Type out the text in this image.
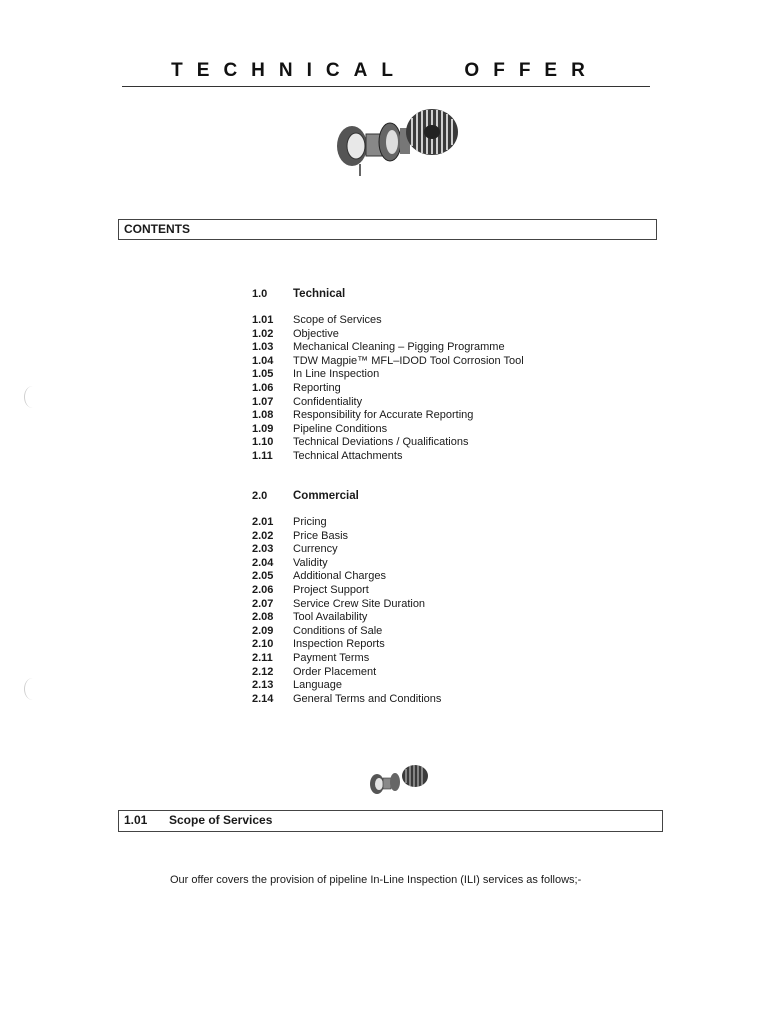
TECHNICAL   OFFER
CONTENTS
1.0 Technical
1.01 Scope of Services
1.02 Objective
1.03 Mechanical Cleaning – Pigging Programme
1.04 TDW Magpie™ MFL–IDOD Tool Corrosion Tool
1.05 In Line Inspection
1.06 Reporting
1.07 Confidentiality
1.08 Responsibility for Accurate Reporting
1.09 Pipeline Conditions
1.10 Technical Deviations / Qualifications
1.11 Technical Attachments
2.0 Commercial
2.01 Pricing
2.02 Price Basis
2.03 Currency
2.04 Validity
2.05 Additional Charges
2.06 Project Support
2.07 Service Crew Site Duration
2.08 Tool Availability
2.09 Conditions of Sale
2.10 Inspection Reports
2.11 Payment Terms
2.12 Order Placement
2.13 Language
2.14 General Terms and Conditions
1.01 Scope of Services
Our offer covers the provision of pipeline In-Line Inspection (ILI) services as follows;-
